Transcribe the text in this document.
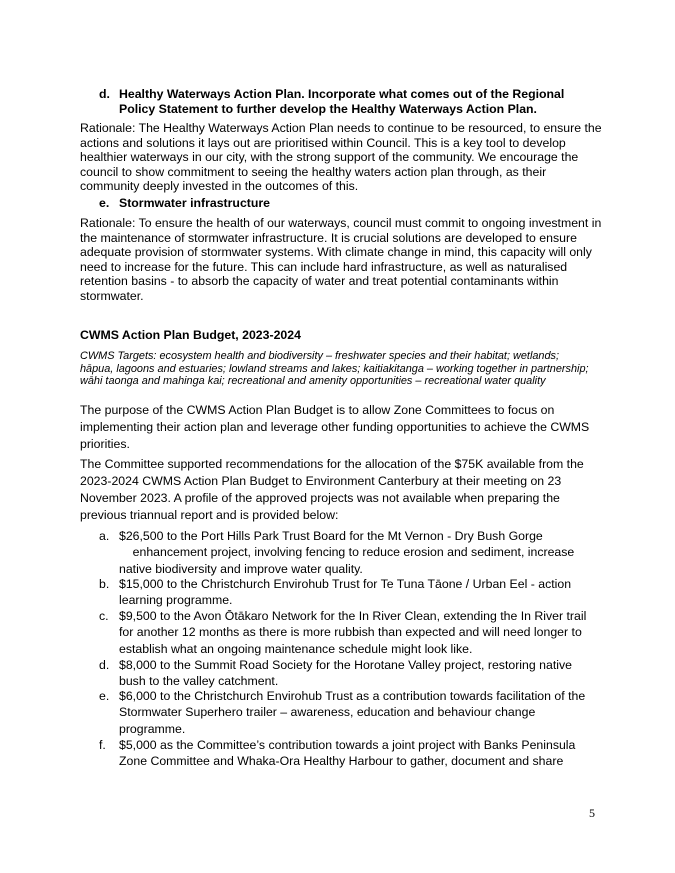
d. Healthy Waterways Action Plan. Incorporate what comes out of the Regional
Policy Statement to further develop the Healthy Waterways Action Plan.
Rationale: The Healthy Waterways Action Plan needs to continue to be resourced, to ensure the
actions and solutions it lays out are prioritised within Council. This is a key tool to develop
healthier waterways in our city, with the strong support of the community. We encourage the
council to show commitment to seeing the healthy waters action plan through, as their
community deeply invested in the outcomes of this.
e. Stormwater infrastructure
Rationale: To ensure the health of our waterways, council must commit to ongoing investment in
the maintenance of stormwater infrastructure. It is crucial solutions are developed to ensure
adequate provision of stormwater systems. With climate change in mind, this capacity will only
need to increase for the future. This can include hard infrastructure, as well as naturalised
retention basins - to absorb the capacity of water and treat potential contaminants within
stormwater.
CWMS Action Plan Budget, 2023-2024
CWMS Targets: ecosystem health and biodiversity – freshwater species and their habitat; wetlands;
hāpua, lagoons and estuaries; lowland streams and lakes; kaitiakitanga – working together in partnership;
wāhi taonga and mahinga kai; recreational and amenity opportunities – recreational water quality
The purpose of the CWMS Action Plan Budget is to allow Zone Committees to focus on
implementing their action plan and leverage other funding opportunities to achieve the CWMS
priorities.
The Committee supported recommendations for the allocation of the $75K available from the
2023-2024 CWMS Action Plan Budget to Environment Canterbury at their meeting on 23
November 2023. A profile of the approved projects was not available when preparing the
previous triannual report and is provided below:
a. $26,500 to the Port Hills Park Trust Board for the Mt Vernon - Dry Bush Gorge
enhancement project, involving fencing to reduce erosion and sediment, increase
native biodiversity and improve water quality.
b. $15,000 to the Christchurch Envirohub Trust for Te Tuna Tāone / Urban Eel - action
learning programme.
c. $9,500 to the Avon Ōtākaro Network for the In River Clean, extending the In River trail
for another 12 months as there is more rubbish than expected and will need longer to
establish what an ongoing maintenance schedule might look like.
d. $8,000 to the Summit Road Society for the Horotane Valley project, restoring native
bush to the valley catchment.
e. $6,000 to the Christchurch Envirohub Trust as a contribution towards facilitation of the
Stormwater Superhero trailer – awareness, education and behaviour change
programme.
f. $5,000 as the Committee’s contribution towards a joint project with Banks Peninsula
Zone Committee and Whaka-Ora Healthy Harbour to gather, document and share
5
